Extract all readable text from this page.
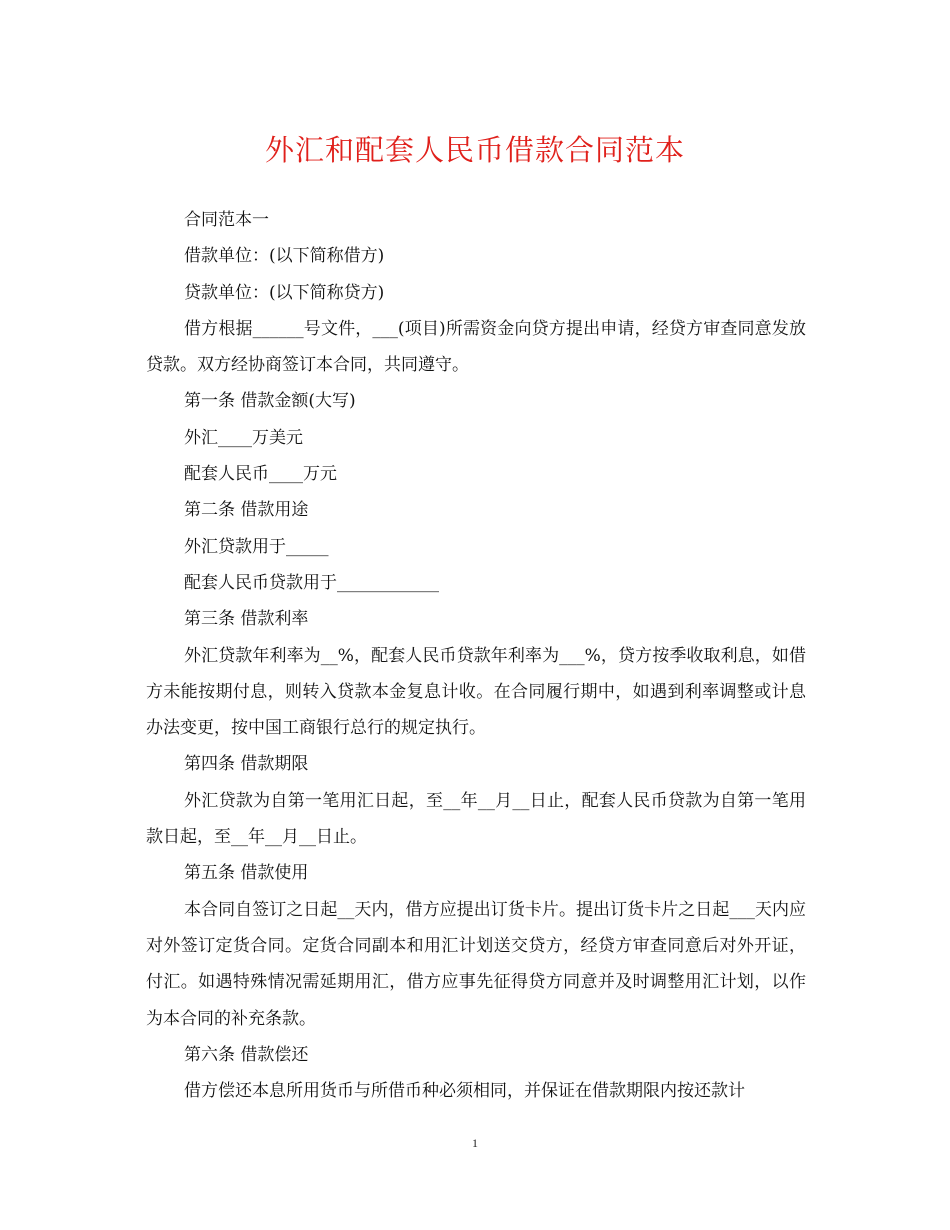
外汇和配套人民币借款合同范本

合同范本一

借款单位：(以下简称借方)

贷款单位：(以下简称贷方)

借方根据______号文件，___(项目)所需资金向贷方提出申请，经贷方审查同意发放贷款。双方经协商签订本合同，共同遵守。

第一条 借款金额(大写)

外汇____万美元

配套人民币____万元

第二条 借款用途

外汇贷款用于_____

配套人民币贷款用于____________

第三条 借款利率

外汇贷款年利率为__%，配套人民币贷款年利率为___%，贷方按季收取利息，如借方未能按期付息，则转入贷款本金复息计收。在合同履行期中，如遇到利率调整或计息办法变更，按中国工商银行总行的规定执行。

第四条 借款期限

外汇贷款为自第一笔用汇日起，至__年__月__日止，配套人民币贷款为自第一笔用款日起，至__年__月__日止。

第五条 借款使用

本合同自签订之日起__天内，借方应提出订货卡片。提出订货卡片之日起___天内应对外签订定货合同。定货合同副本和用汇计划送交贷方，经贷方审查同意后对外开证，付汇。如遇特殊情况需延期用汇，借方应事先征得贷方同意并及时调整用汇计划，以作为本合同的补充条款。

第六条 借款偿还

借方偿还本息所用货币与所借币种必须相同，并保证在借款期限内按还款计

1
